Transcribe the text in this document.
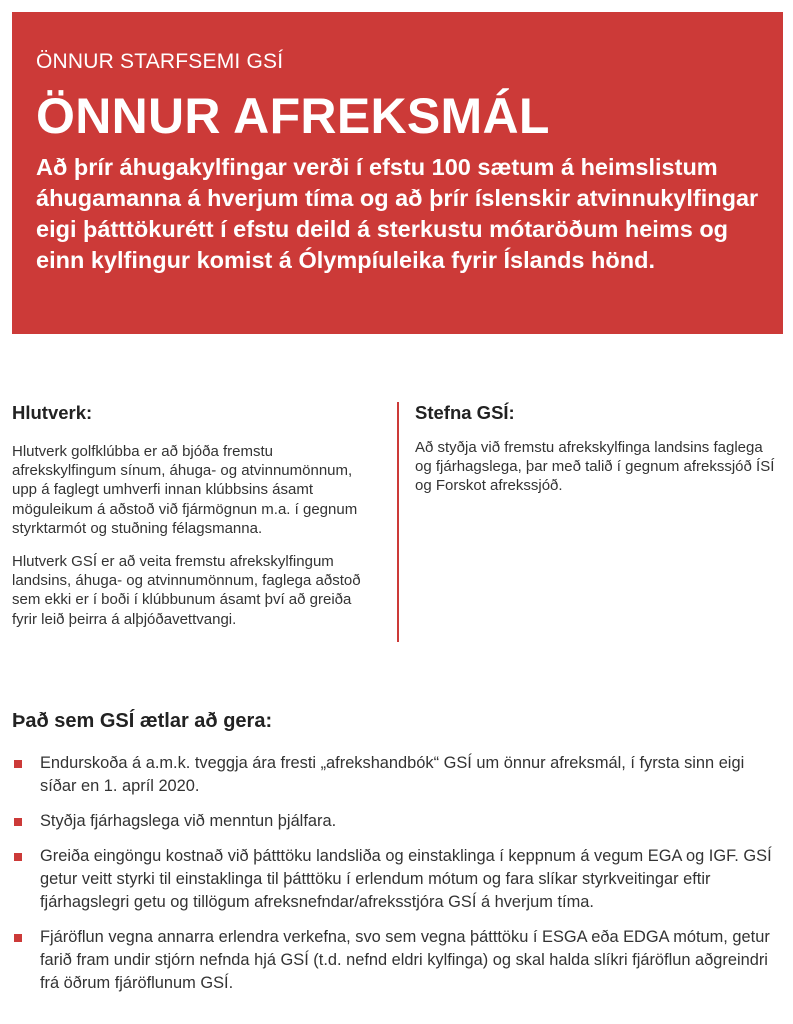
ÖNNUR STARFSEMI GSÍ

ÖNNUR AFREKSMÁL

Að þrír áhugakylfingar verði í efstu 100 sætum á heimslistum áhugamanna á hverjum tíma og að þrír íslenskir atvinnukylfingar eigi þátttökurétt í efstu deild á sterkustu mótaröðum heims og einn kylfingur komist á Ólympíuleika fyrir Íslands hönd.

Hlutverk:

Hlutverk golfklúbba er að bjóða fremstu afrekskylfingum sínum, áhuga- og atvinnumönnum, upp á faglegt umhverfi innan klúbbsins ásamt möguleikum á aðstoð við fjármögnun m.a. í gegnum styrktarmót og stuðning félagsmanna.

Hlutverk GSÍ er að veita fremstu afrekskylfingum landsins, áhuga- og atvinnumönnum, faglega aðstoð sem ekki er í boði í klúbbunum ásamt því að greiða fyrir leið þeirra á alþjóðavettvangi.

Stefna GSÍ:

Að styðja við fremstu afrekskylfinga landsins faglega og fjárhagslega, þar með talið í gegnum afrekssjóð ÍSÍ og Forskot afrekssjóð.

Það sem GSÍ ætlar að gera:
Endurskoða á a.m.k. tveggja ára fresti „afrekshandbók“ GSÍ um önnur afreksmál, í fyrsta sinn eigi síðar en 1. apríl 2020.
Styðja fjárhagslega við menntun þjálfara.
Greiða eingöngu kostnað við þátttöku landsliða og einstaklinga í keppnum á vegum EGA og IGF. GSÍ getur veitt styrki til einstaklinga til þátttöku í erlendum mótum og fara slíkar styrkveitingar eftir fjárhagslegri getu og tillögum afreksnefndar/afreksstjóra GSÍ á hverjum tíma.
Fjáröflun vegna annarra erlendra verkefna, svo sem vegna þátttöku í ESGA eða EDGA mótum, getur farið fram undir stjórn nefnda hjá GSÍ (t.d. nefnd eldri kylfinga) og skal halda slíkri fjáröflun aðgreindri frá öðrum fjáröflunum GSÍ.
